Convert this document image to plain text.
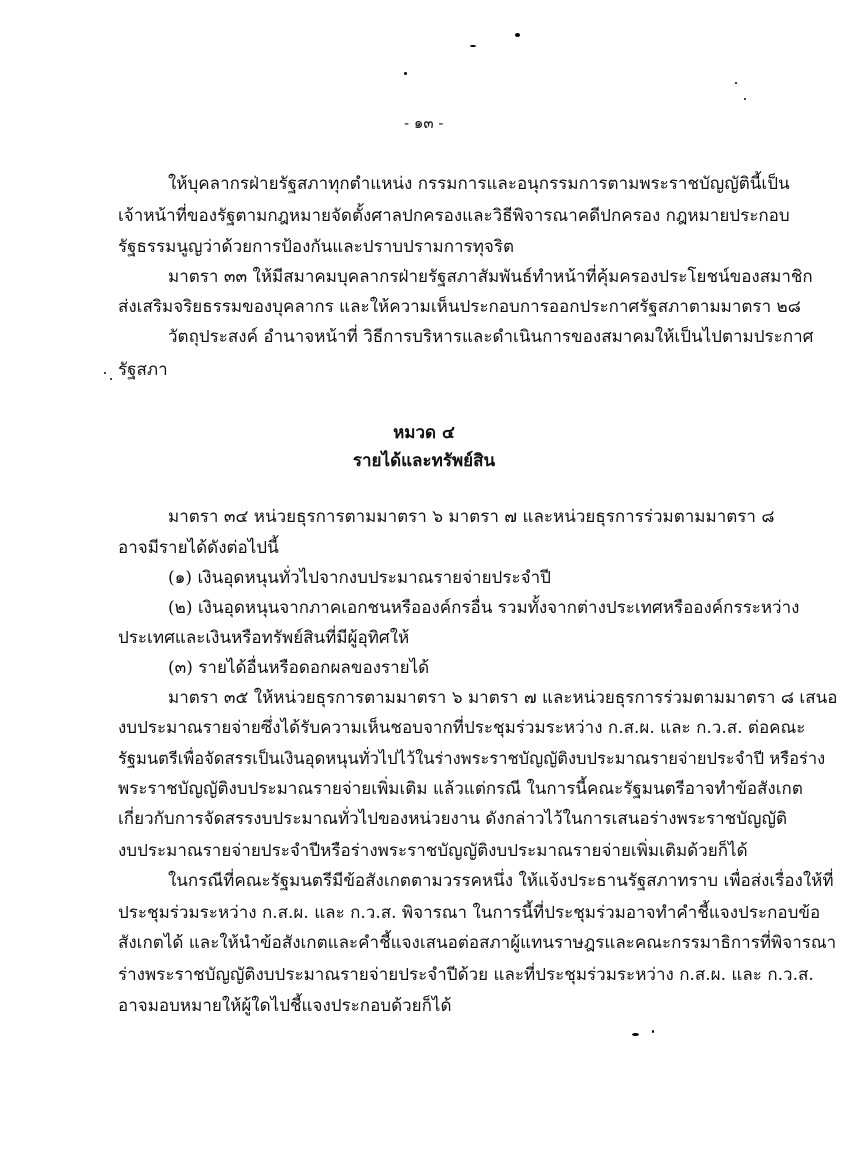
- ๑๓ -
ให้บุคลากรฝ่ายรัฐสภาทุกตำแหน่ง กรรมการและอนุกรรมการตามพระราชบัญญัตินี้เป็น
เจ้าหน้าที่ของรัฐตามกฎหมายจัดตั้งศาลปกครองและวิธีพิจารณาคดีปกครอง กฎหมายประกอบ
รัฐธรรมนูญว่าด้วยการป้องกันและปราบปรามการทุจริต
มาตรา ๓๓ ให้มีสมาคมบุคลากรฝ่ายรัฐสภาสัมพันธ์ทำหน้าที่คุ้มครองประโยชน์ของสมาชิก
ส่งเสริมจริยธรรมของบุคลากร และให้ความเห็นประกอบการออกประกาศรัฐสภาตามมาตรา ๒๘
วัตถุประสงค์ อำนาจหน้าที่ วิธีการบริหารและดำเนินการของสมาคมให้เป็นไปตามประกาศ
รัฐสภา
หมวด ๔
รายได้และทรัพย์สิน
มาตรา ๓๔ หน่วยธุรการตามมาตรา ๖ มาตรา ๗ และหน่วยธุรการร่วมตามมาตรา ๘
อาจมีรายได้ดังต่อไปนี้
(๑) เงินอุดหนุนทั่วไปจากงบประมาณรายจ่ายประจำปี
(๒) เงินอุดหนุนจากภาคเอกชนหรือองค์กรอื่น รวมทั้งจากต่างประเทศหรือองค์กรระหว่าง
ประเทศและเงินหรือทรัพย์สินที่มีผู้อุทิศให้
(๓) รายได้อื่นหรือดอกผลของรายได้
มาตรา ๓๕ ให้หน่วยธุรการตามมาตรา ๖ มาตรา ๗ และหน่วยธุรการร่วมตามมาตรา ๘ เสนอ
งบประมาณรายจ่ายซึ่งได้รับความเห็นชอบจากที่ประชุมร่วมระหว่าง ก.ส.ผ. และ ก.ว.ส. ต่อคณะ
รัฐมนตรีเพื่อจัดสรรเป็นเงินอุดหนุนทั่วไปไว้ในร่างพระราชบัญญัติงบประมาณรายจ่ายประจำปี หรือร่าง
พระราชบัญญัติงบประมาณรายจ่ายเพิ่มเติม แล้วแต่กรณี ในการนี้คณะรัฐมนตรีอาจทำข้อสังเกต
เกี่ยวกับการจัดสรรงบประมาณทั่วไปของหน่วยงาน ดังกล่าวไว้ในการเสนอร่างพระราชบัญญัติ
งบประมาณรายจ่ายประจำปีหรือร่างพระราชบัญญัติงบประมาณรายจ่ายเพิ่มเติมด้วยก็ได้
ในกรณีที่คณะรัฐมนตรีมีข้อสังเกตตามวรรคหนึ่ง ให้แจ้งประธานรัฐสภาทราบ เพื่อส่งเรื่องให้ที่
ประชุมร่วมระหว่าง ก.ส.ผ. และ ก.ว.ส. พิจารณา ในการนี้ที่ประชุมร่วมอาจทำคำชี้แจงประกอบข้อ
สังเกตได้ และให้นำข้อสังเกตและคำชี้แจงเสนอต่อสภาผู้แทนราษฎรและคณะกรรมาธิการที่พิจารณา
ร่างพระราชบัญญัติงบประมาณรายจ่ายประจำปีด้วย และที่ประชุมร่วมระหว่าง ก.ส.ผ. และ ก.ว.ส.
อาจมอบหมายให้ผู้ใดไปชี้แจงประกอบด้วยก็ได้
